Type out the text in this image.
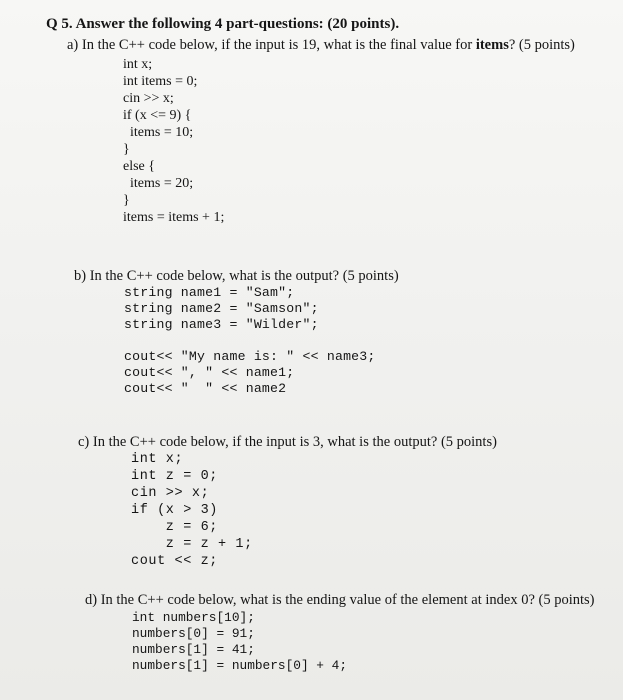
Q 5. Answer the following 4 part-questions: (20 points).
a) In the C++ code below, if the input is 19, what is the final value for items? (5 points)
int x;
int items = 0;
cin >> x;
if (x <= 9) {
items = 10;
}
else {
items = 20;
}
items = items + 1;
b) In the C++ code below, what is the output? (5 points)
string name1 = "Sam";
string name2 = "Samson";
string name3 = "Wilder";
cout<< "My name is: " << name3;
cout<< ", " << name1;
cout<< "  " << name2
c) In the C++ code below, if the input is 3, what is the output? (5 points)
int x;
int z = 0;
cin >> x;
if (x > 3)
z = 6;
z = z + 1;
cout << z;
d) In the C++ code below, what is the ending value of the element at index 0? (5 points)
int numbers[10];
numbers[0] = 91;
numbers[1] = 41;
numbers[1] = numbers[0] + 4;
